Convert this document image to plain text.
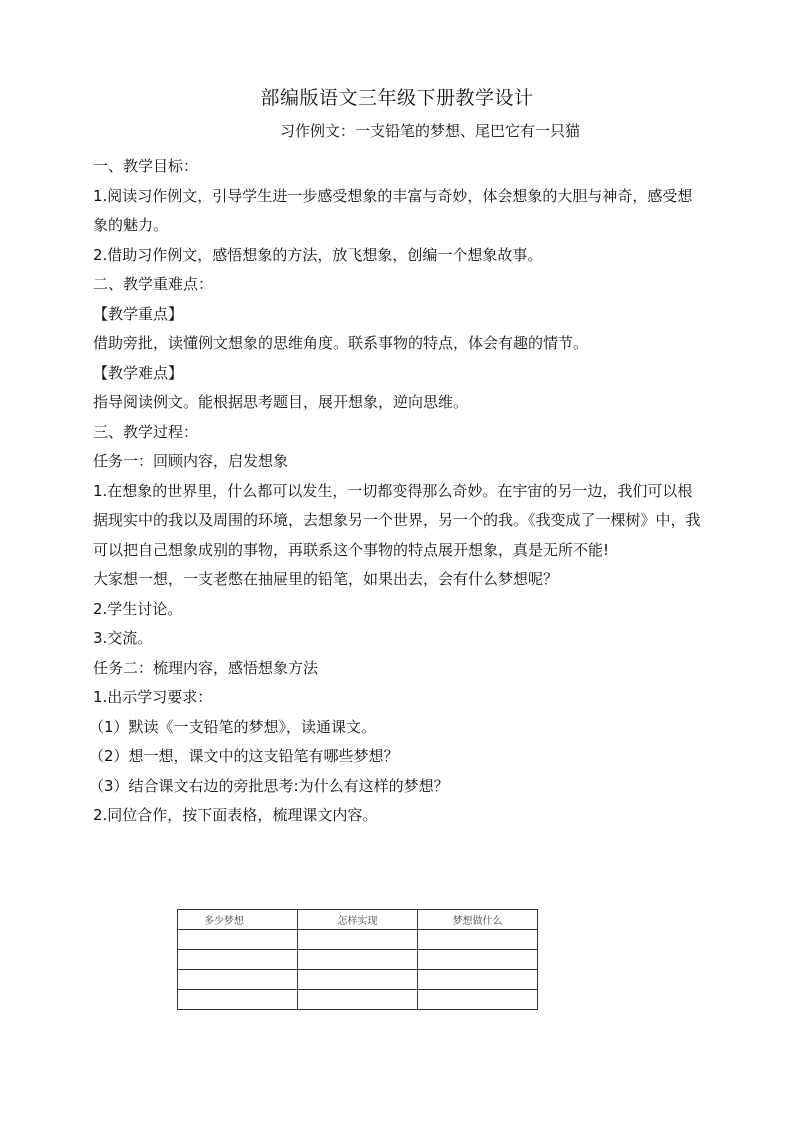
部编版语文三年级下册教学设计
习作例文：一支铅笔的梦想、尾巴它有一只猫

一、教学目标：

1.阅读习作例文，引导学生进一步感受想象的丰富与奇妙，体会想象的大胆与神奇，感受想象的魅力。

2.借助习作例文，感悟想象的方法，放飞想象，创编一个想象故事。

二、教学重难点：

【教学重点】

借助旁批，读懂例文想象的思维角度。联系事物的特点，体会有趣的情节。

【教学难点】

指导阅读例文。能根据思考题目，展开想象，逆向思维。

三、教学过程：

任务一：回顾内容，启发想象

1.在想象的世界里，什么都可以发生，一切都变得那么奇妙。在宇宙的另一边，我们可以根据现实中的我以及周围的环境，去想象另一个世界，另一个的我。《我变成了一棵树》中，我可以把自己想象成别的事物，再联系这个事物的特点展开想象，真是无所不能!

大家想一想，一支老憋在抽屉里的铅笔，如果出去，会有什么梦想呢？

2.学生讨论。

3.交流。

任务二：梳理内容，感悟想象方法

1.出示学习要求：

（1）默读《一支铅笔的梦想》，读通课文。

（2）想一想，课文中的这支铅笔有哪些梦想？

（3）结合课文右边的旁批思考:为什么有这样的梦想？

2.同位合作，按下面表格，梳理课文内容。

多少梦想	怎样实现	梦想做什么
